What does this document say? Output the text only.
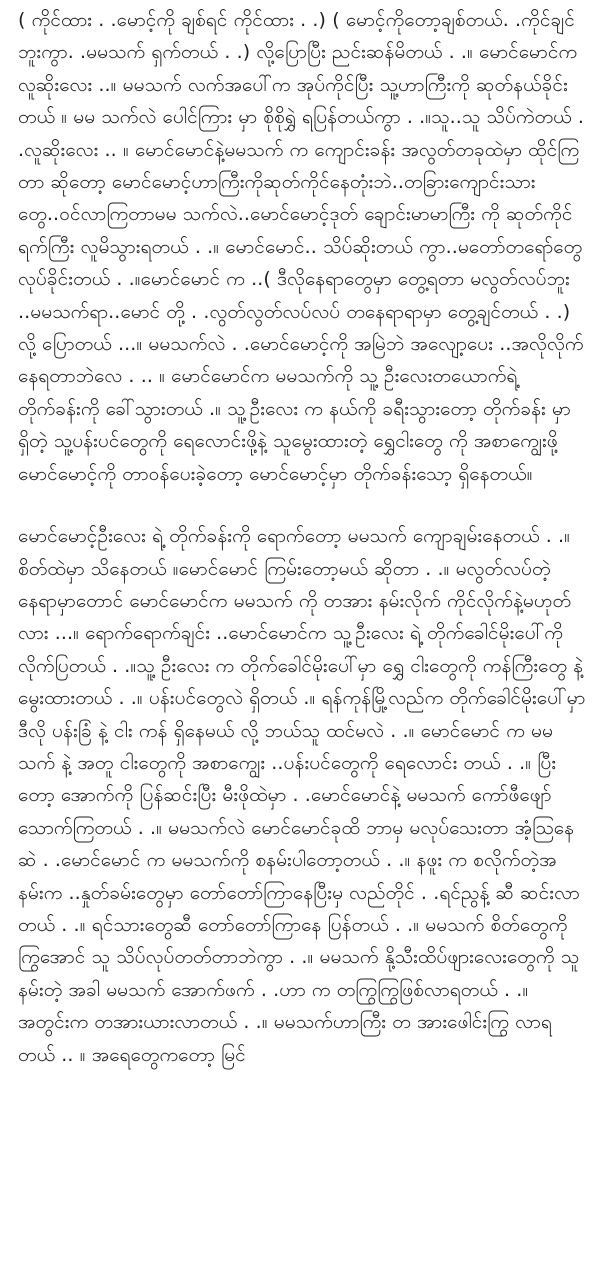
( ကိုင်ထား . .မောင့်ကို ချစ်ရင် ကိုင်ထား . .) ( မောင့်ကိုတော့ချစ်တယ်. .ကိုင်ချင်ဘူးကွာ. .မမသက် ရှက်တယ် . .) လို့ပြောပြီး ညင်းဆန်မိတယ် . .။ မောင်မောင်က လူဆိုးလေး ..။ မမသက် လက်အပေါ်က အုပ်ကိုင်ပြီး သူ့ဟာကြီးကို ဆုတ်နယ်ခိုင်းတယ် ။ မမ သက်လဲ ပေါင်ကြား မှာ စိုစိုရွှဲ ရပြန်တယ်ကွာ . .။သူ..သူ သိပ်ကဲတယ် . .လူဆိုးလေး .. ။ မောင်မောင်နဲ့မမသက် က ကျောင်းခန်း အလွတ်တခုထဲမှာ ထိုင်ကြတာ ဆိုတော့ မောင်မောင့်ဟာကြီးကိုဆုတ်ကိုင်နေတုံးဘဲ..တခြားကျောင်းသားတွေ..ဝင်လာကြတာမမ သက်လဲ..မောင်မောင့်ဒုတ် ချောင်းမာမာကြီး ကို ဆုတ်ကိုင်ရက်ကြီး လူမိသွားရတယ် . .။ မောင်မောင်.. သိပ်ဆိုးတယ် ကွာ..မတော်တရော်တွေ လုပ်ခိုင်းတယ် . .။မောင်မောင် က ..( ဒီလိုနေရာတွေမှာ တွေ့ရတာ မလွတ်လပ်ဘူး ..မမသက်ရာ..မောင် တို့ . .လွတ်လွတ်လပ်လပ် တနေရာရာမှာ တွေ့ချင်တယ် . .) လို့ ပြောတယ် ...။ မမသက်လဲ . .မောင်မောင့်ကို အမြဲဘဲ အလျော့ပေး ..အလိုလိုက်နေရတာဘဲလေ . .. ။ မောင်မောင်က မမသက်ကို သူ့ ဦးလေးတယောက်ရဲ့ တိုက်ခန်းကို ခေါ်သွားတယ် .။ သူ့ဦးလေး က နယ်ကို ခရီးသွားတော့ တိုက်ခန်း မှာ ရှိတဲ့ သူ့ပန်းပင်တွေကို ရေလောင်းဖို့နဲ့ သူမွေးထားတဲ့ ရွှေငါးတွေ ကို အစာကျွေးဖို့ မောင်မောင့်ကို တာဝန်ပေးခဲ့တော့ မောင်မောင့်မှာ တိုက်ခန်းသော့ ရှိနေတယ်။

မောင်မောင့်ဦးလေး ရဲ့ တိုက်ခန်းကို ရောက်တော့ မမသက် ကျောချမ်းနေတယ် . .။ စိတ်ထဲမှာ သိနေတယ် ။မောင်မောင် ကြမ်းတော့မယ် ဆိုတာ . .။ မလွတ်လပ်တဲ့ နေရာမှာတောင် မောင်မောင်က မမသက် ကို တအား နမ်းလိုက် ကိုင်လိုက်နဲ့မဟုတ်လား ...။ ရောက်ရောက်ချင်း ..မောင်မောင်က သူ့ဦးလေး ရဲ့ တိုက်ခေါင်မိုးပေါ်ကို လိုက်ပြတယ် . .။သူ့ ဦးလေး က တိုက်ခေါင်မိုးပေါ်မှာ ရွှေ ငါးတွေကို ကန်ကြီးတွေ နဲ့ မွေးထားတယ် . .။ ပန်းပင်တွေလဲ ရှိတယ် .။ ရန်ကုန်မြို့လည်က တိုက်ခေါင်မိုးပေါ်မှာ ဒီလို ပန်းခြံ နဲ့ ငါး ကန် ရှိနေမယ် လို့ ဘယ်သူ ထင်မလဲ . .။ မောင်မောင် က မမသက် နဲ့ အတူ ငါးတွေကို အစာကျွေး ..ပန်းပင်တွေကို ရေလောင်း တယ် . .။ ပြီးတော့ အောက်ကို ပြန်ဆင်းပြီး မီးဖိုထဲမှာ . .မောင်မောင်နဲ့ မမသက် ကော်ဖီဖျော်သောက်ကြတယ် . .။ မမသက်လဲ မောင်မောင်ခုထိ ဘာမှ မလုပ်သေးတာ အံ့သြနေဆဲ . .မောင်မောင် က မမသက်ကို စနမ်းပါတော့တယ် . .။ နဖူး က စလိုက်တဲ့အ နမ်းက ..နှုတ်ခမ်းတွေမှာ တော်တော်ကြာနေပြီးမှ လည်တိုင် . .ရင်ညွန့် ဆီ ဆင်းလာတယ် . .။ ရင်သားတွေဆီ တော်တော်ကြာနေ ပြန်တယ် . .။ မမသက် စိတ်တွေကို ကြွအောင် သူ သိပ်လုပ်တတ်တာဘဲကွာ . .။ မမသက် နို့သီးထိပ်ဖျားလေးတွေကို သူ နမ်းတဲ့ အခါ မမသက် အောက်ဖက် . .ဟာ က တကြွကြွဖြစ်လာရတယ် . .။ အတွင်းက တအားယားလာတယ် . .။ မမသက်ဟာကြီး တ အားဖေါင်းကြွ လာရတယ် .. ။ အရေတွေကတော့ မြင်
